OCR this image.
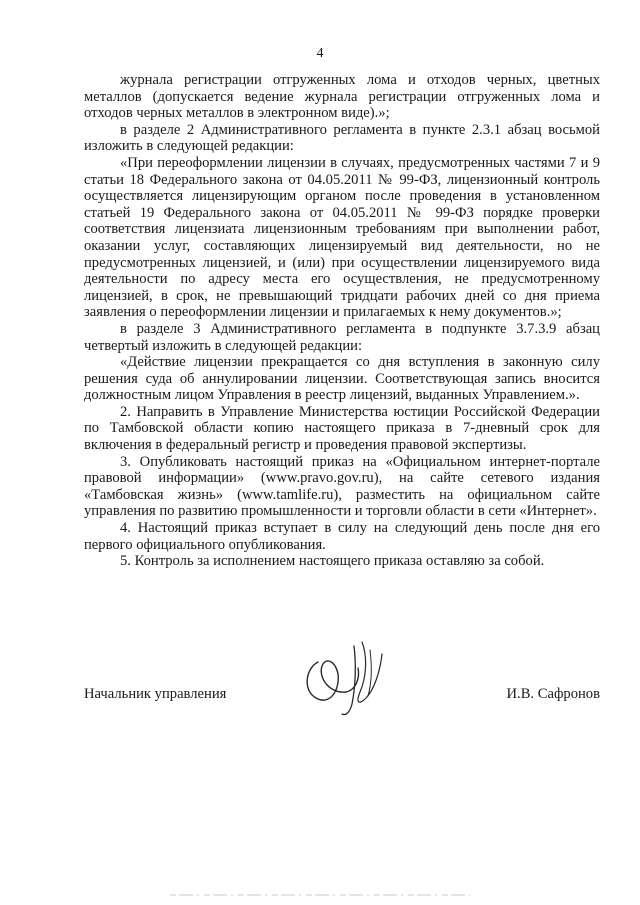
4

журнала регистрации отгруженных лома и отходов черных, цветных металлов (допускается ведение журнала регистрации отгруженных лома и отходов черных металлов в электронном виде).»;

в разделе 2 Административного регламента в пункте 2.3.1 абзац восьмой изложить в следующей редакции:

«При переоформлении лицензии в случаях, предусмотренных частями 7 и 9 статьи 18 Федерального закона от 04.05.2011 № 99-ФЗ, лицензионный контроль осуществляется лицензирующим органом после проведения в установленном статьей 19 Федерального закона от 04.05.2011 № 99-ФЗ порядке проверки соответствия лицензиата лицензионным требованиям при выполнении работ, оказании услуг, составляющих лицензируемый вид деятельности, но не предусмотренных лицензией, и (или) при осуществлении лицензируемого вида деятельности по адресу места его осуществления, не предусмотренному лицензией, в срок, не превышающий тридцати рабочих дней со дня приема заявления о переоформлении лицензии и прилагаемых к нему документов.»;

в разделе 3 Административного регламента в подпункте 3.7.3.9 абзац четвертый изложить в следующей редакции:

«Действие лицензии прекращается со дня вступления в законную силу решения суда об аннулировании лицензии. Соответствующая запись вносится должностным лицом Управления в реестр лицензий, выданных Управлением.».

2. Направить в Управление Министерства юстиции Российской Федерации по Тамбовской области копию настоящего приказа в 7-дневный срок для включения в федеральный регистр и проведения правовой экспертизы.

3. Опубликовать настоящий приказ на «Официальном интернет-портале правовой информации» (www.pravo.gov.ru), на сайте сетевого издания «Тамбовская жизнь» (www.tamlife.ru), разместить на официальном сайте управления по развитию промышленности и торговли области в сети «Интернет».

4. Настоящий приказ вступает в силу на следующий день после дня его первого официального опубликования.

5. Контроль за исполнением настоящего приказа оставляю за собой.

Начальник управления	И.В. Сафронов
